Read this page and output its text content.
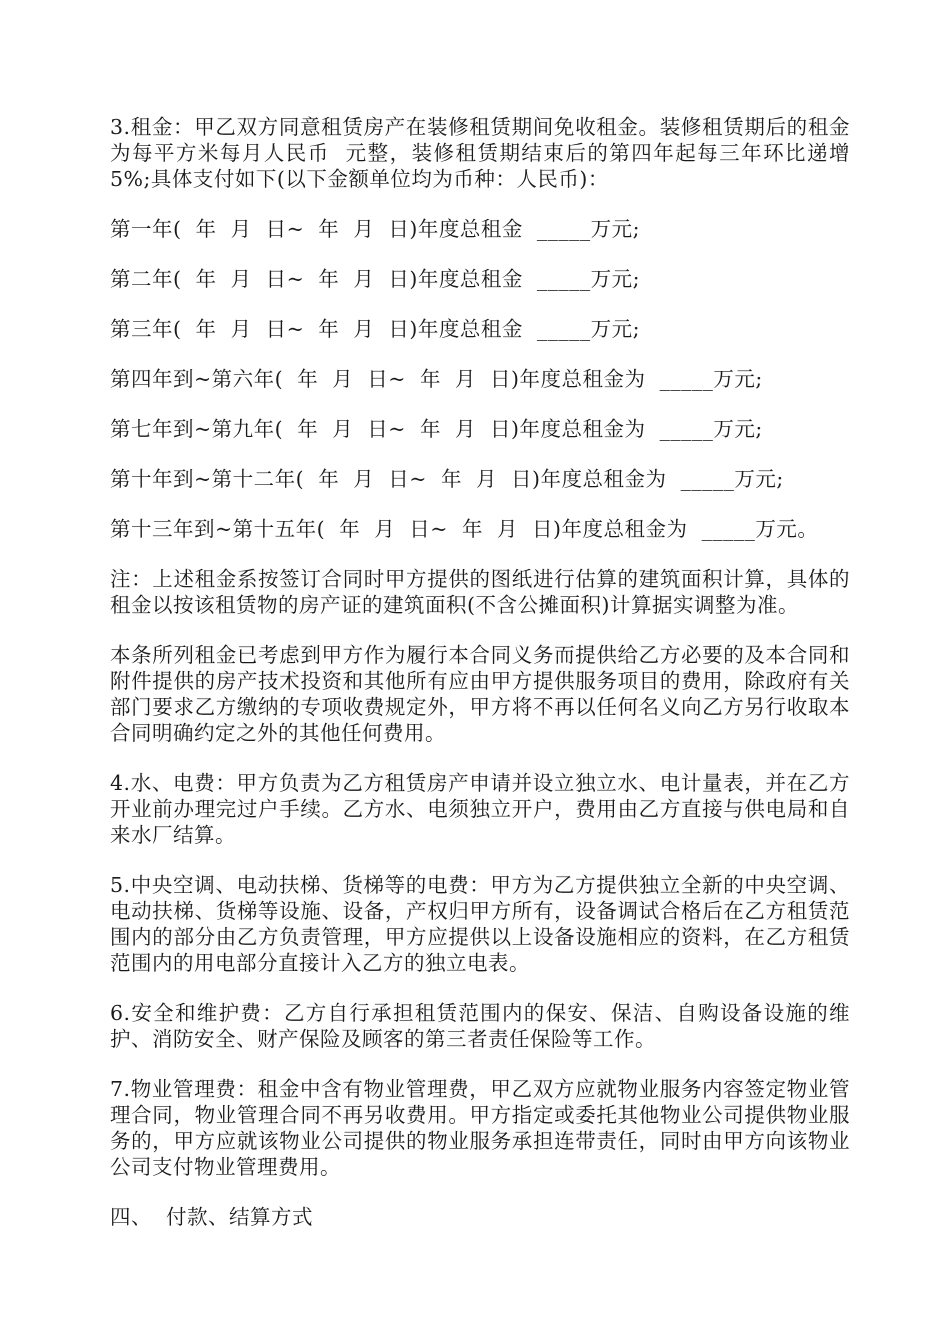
3.租金：甲乙双方同意租赁房产在装修租赁期间免收租金。装修租赁期后的租金为每平方米每月人民币  元整，装修租赁期结束后的第四年起每三年环比递增5%;具体支付如下(以下金额单位均为币种：人民币)：

第一年(  年  月  日~  年  月  日)年度总租金  _____万元;

第二年(  年  月  日~  年  月  日)年度总租金  _____万元;

第三年(  年  月  日~  年  月  日)年度总租金  _____万元;

第四年到~第六年(  年  月  日~  年  月  日)年度总租金为  _____万元;

第七年到~第九年(  年  月  日~  年  月  日)年度总租金为  _____万元;

第十年到~第十二年(  年  月  日~  年  月  日)年度总租金为  _____万元;

第十三年到~第十五年(  年  月  日~  年  月  日)年度总租金为  _____万元。

注：上述租金系按签订合同时甲方提供的图纸进行估算的建筑面积计算，具体的租金以按该租赁物的房产证的建筑面积(不含公摊面积)计算据实调整为准。

本条所列租金已考虑到甲方作为履行本合同义务而提供给乙方必要的及本合同和附件提供的房产技术投资和其他所有应由甲方提供服务项目的费用，除政府有关部门要求乙方缴纳的专项收费规定外，甲方将不再以任何名义向乙方另行收取本合同明确约定之外的其他任何费用。

4.水、电费：甲方负责为乙方租赁房产申请并设立独立水、电计量表，并在乙方开业前办理完过户手续。乙方水、电须独立开户，费用由乙方直接与供电局和自来水厂结算。

5.中央空调、电动扶梯、货梯等的电费：甲方为乙方提供独立全新的中央空调、电动扶梯、货梯等设施、设备，产权归甲方所有，设备调试合格后在乙方租赁范围内的部分由乙方负责管理，甲方应提供以上设备设施相应的资料，在乙方租赁范围内的用电部分直接计入乙方的独立电表。

6.安全和维护费：乙方自行承担租赁范围内的保安、保洁、自购设备设施的维护、消防安全、财产保险及顾客的第三者责任保险等工作。

7.物业管理费：租金中含有物业管理费，甲乙双方应就物业服务内容签定物业管理合同，物业管理合同不再另收费用。甲方指定或委托其他物业公司提供物业服务的，甲方应就该物业公司提供的物业服务承担连带责任，同时由甲方向该物业公司支付物业管理费用。

四、  付款、结算方式
